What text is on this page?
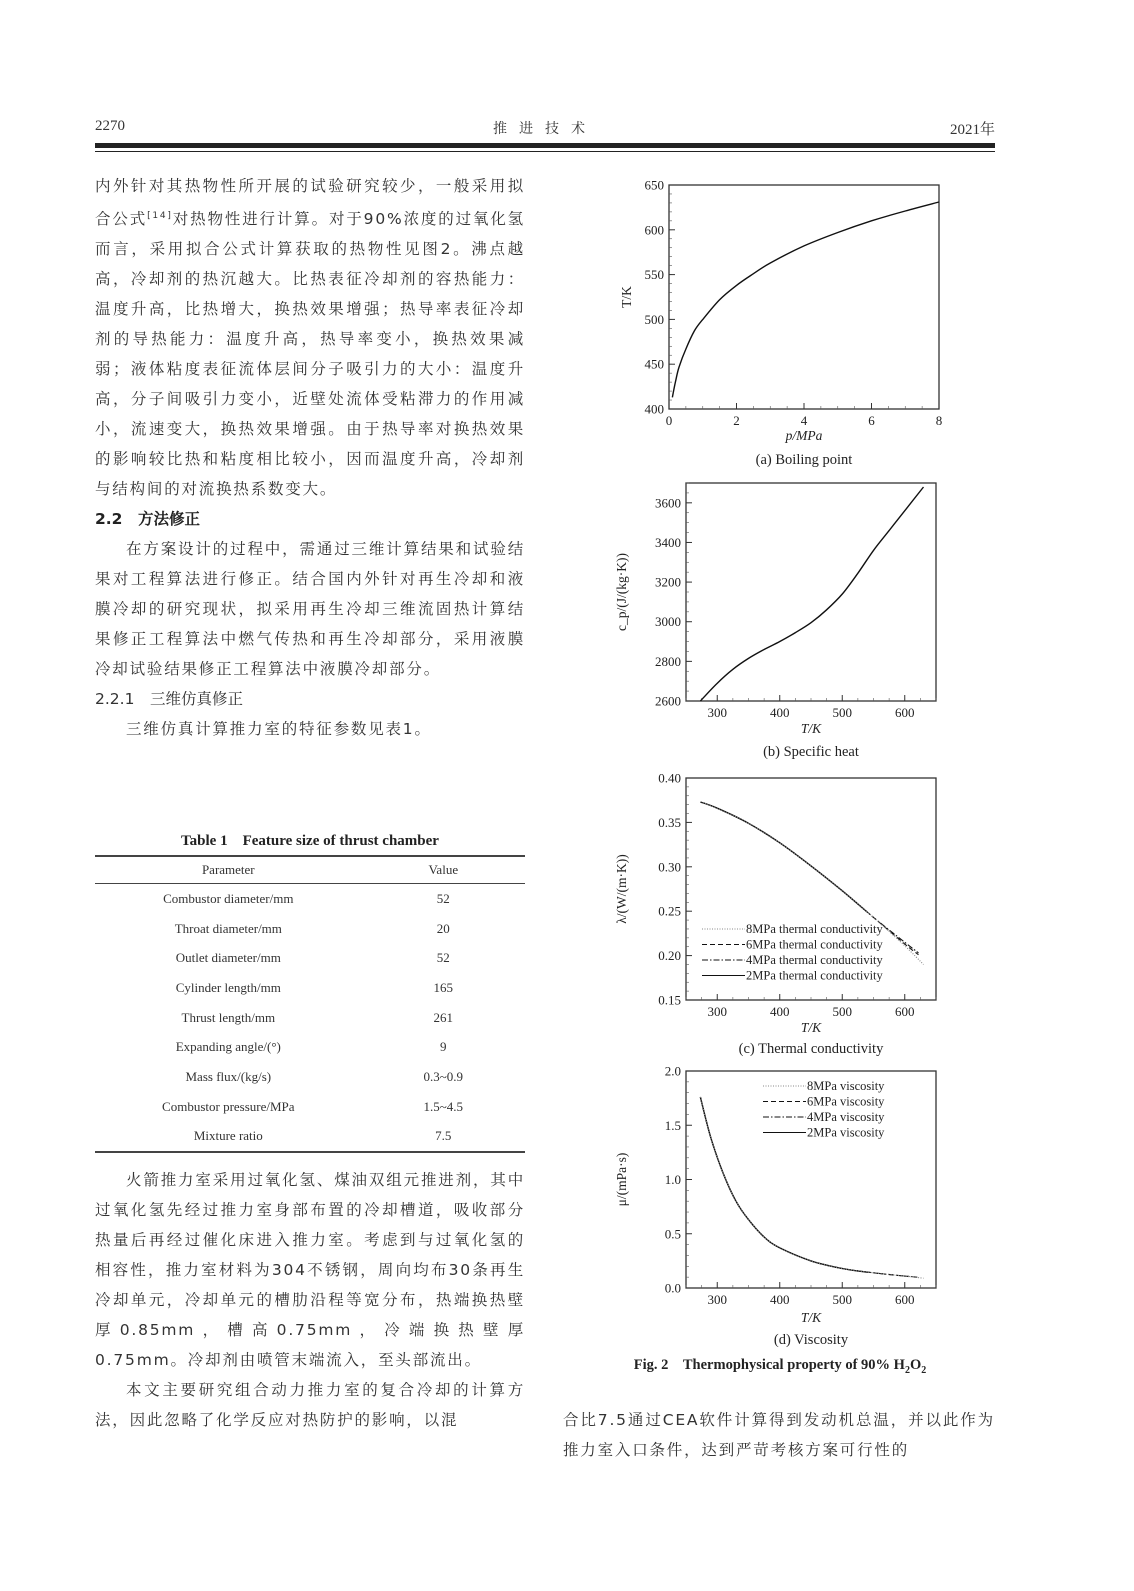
2270	推进技术	2021年

内外针对其热物性所开展的试验研究较少，一般采用拟合公式[14]对热物性进行计算。对于90%浓度的过氧化氢而言，采用拟合公式计算获取的热物性见图2。沸点越高，冷却剂的热沉越大。比热表征冷却剂的容热能力：温度升高，比热增大，换热效果增强；热导率表征冷却剂的导热能力：温度升高，热导率变小，换热效果减弱；液体粘度表征流体层间分子吸引力的大小：温度升高，分子间吸引力变小，近壁处流体受粘滞力的作用减小，流速变大，换热效果增强。由于热导率对换热效果的影响较比热和粘度相比较小，因而温度升高，冷却剂与结构间的对流换热系数变大。

2.2　方法修正

在方案设计的过程中，需通过三维计算结果和试验结果对工程算法进行修正。结合国内外针对再生冷却和液膜冷却的研究现状，拟采用再生冷却三维流固热计算结果修正工程算法中燃气传热和再生冷却部分，采用液膜冷却试验结果修正工程算法中液膜冷却部分。

2.2.1　三维仿真修正

三维仿真计算推力室的特征参数见表1。

Table 1　Feature size of thrust chamber
Parameter	Value
Combustor diameter/mm	52
Throat diameter/mm	20
Outlet diameter/mm	52
Cylinder length/mm	165
Thrust length/mm	261
Expanding angle/(°)	9
Mass flux/(kg/s)	0.3~0.9
Combustor pressure/MPa	1.5~4.5
Mixture ratio	7.5

火箭推力室采用过氧化氢、煤油双组元推进剂，其中过氧化氢先经过推力室身部布置的冷却槽道，吸收部分热量后再经过催化床进入推力室。考虑到与过氧化氢的相容性，推力室材料为304不锈钢，周向均布30条再生冷却单元，冷却单元的槽肋沿程等宽分布，热端换热壁厚0.85mm，槽高0.75mm，冷端换热壁厚0.75mm。冷却剂由喷管末端流入，至头部流出。

本文主要研究组合动力推力室的复合冷却的计算方法，因此忽略了化学反应对热防护的影响，以混

0	2	4	6	8
400
450
500
550
600
650
p/MPa
T/K
(a) Boiling point
300	400	500	600
2600
2800
3000
3200
3400
3600
T/K
c_p/(J/(kg·K))
(b) Specific heat
300	400	500	600
0.15
0.20
0.25
0.30
0.35
0.40
T/K
λ/(W/(m·K))
(c) Thermal conductivity
8MPa thermal conductivity
6MPa thermal conductivity
4MPa thermal conductivity
2MPa thermal conductivity
300	400	500	600
0.0
0.5
1.0
1.5
2.0
T/K
μ/(mPa·s)
(d) Viscosity
8MPa viscosity
6MPa viscosity
4MPa viscosity
2MPa viscosity
Fig. 2　Thermophysical property of 90% $H_2O_2$

合比7.5通过CEA软件计算得到发动机总温，并以此作为推力室入口条件，达到严苛考核方案可行性的
